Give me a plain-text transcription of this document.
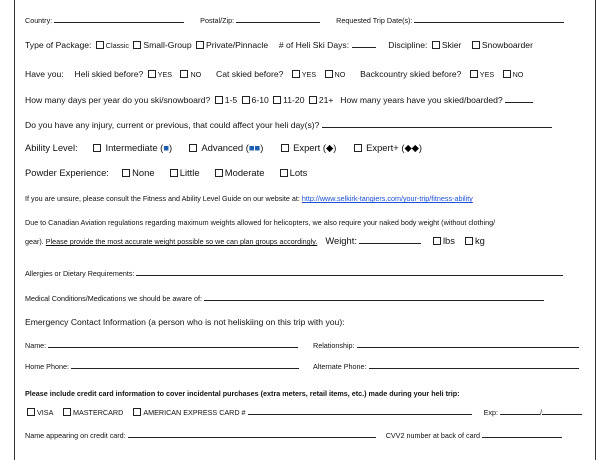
Country:	Postal/Zip:	Requested Trip Date(s):
Type of Package: Classic Small-Group Private/Pinnacle # of Heli Ski Days:	Discipline: Skier Snowboarder
Have you: Heli skied before? YES	NO Cat skied before?	YES	NO Backcountry skied before?	YES	NO
How many days per year do you ski/snowboard? 1-5 6-10 11-20 21+ How many years have you skied/boarded?
Do you have any injury, current or previous, that could affect your heli day(s)?
Ability Level:	Intermediate (■)	Advanced (■■)	Expert (◆)	Expert+ (◆◆)
Powder Experience: None	Little	Moderate	Lots
If you are unsure, please consult the Fitness and Ability Level Guide on our website at: http://www.selkirk-tangiers.com/your-trip/fitness-ability
Due to Canadian Aviation regulations regarding maximum weights allowed for helicopters, we also require your naked body weight (without clothing/
gear). Please provide the most accurate weight possible so we can plan groups accordingly. Weight:	lbs kg
Allergies or Dietary Requirements:
Medical Conditions/Medications we should be aware of:
Emergency Contact Information (a person who is not heliskiing on this trip with you):
Name:	Relationship:
Home Phone:	Alternate Phone:
Please include credit card information to cover incidental purchases (extra meters, retail items, etc.) made during your heli trip:
VISA	MASTERCARD	AMERICAN EXPRESS CARD #	Exp:	/
Name appearing on credit card:	CVV2 number at back of card
